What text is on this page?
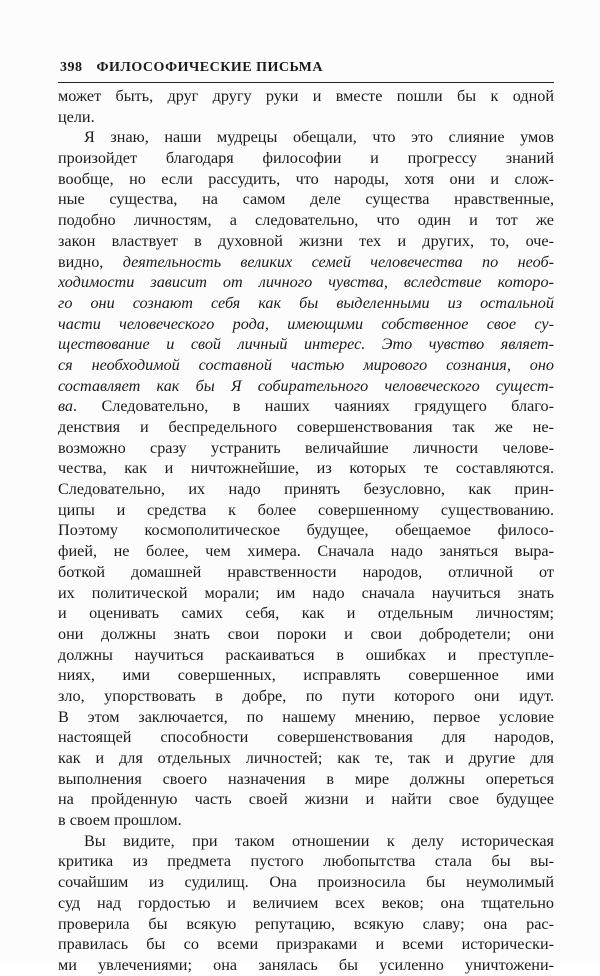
398 ФИЛОСОФИЧЕСКИЕ ПИСЬМА
может быть, друг другу руки и вместе пошли бы к одной
цели.
Я знаю, наши мудрецы обещали, что это слияние умов
произойдет благодаря философии и прогрессу знаний
вообще, но если рассудить, что народы, хотя они и слож-
ные существа, на самом деле существа нравственные,
подобно личностям, а следовательно, что один и тот же
закон властвует в духовной жизни тех и других, то, оче-
видно, деятельность великих семей человечества по необ-
ходимости зависит от личного чувства, вследствие которо-
го они сознают себя как бы выделенными из остальной
части человеческого рода, имеющими собственное свое су-
ществование и свой личный интерес. Это чувство являет-
ся необходимой составной частью мирового сознания, оно
составляет как бы Я собирательного человеческого сущест-
ва. Следовательно, в наших чаяниях грядущего благо-
денствия и беспредельного совершенствования так же не-
возможно сразу устранить величайшие личности челове-
чества, как и ничтожнейшие, из которых те составляются.
Следовательно, их надо принять безусловно, как прин-
ципы и средства к более совершенному существованию.
Поэтому космополитическое будущее, обещаемое филосо-
фией, не более, чем химера. Сначала надо заняться выра-
боткой домашней нравственности народов, отличной от
их политической морали; им надо сначала научиться знать
и оценивать самих себя, как и отдельным личностям;
они должны знать свои пороки и свои добродетели; они
должны научиться раскаиваться в ошибках и преступле-
ниях, ими совершенных, исправлять совершенное ими
зло, упорствовать в добре, по пути которого они идут.
В этом заключается, по нашему мнению, первое условие
настоящей способности совершенствования для народов,
как и для отдельных личностей; как те, так и другие для
выполнения своего назначения в мире должны опереться
на пройденную часть своей жизни и найти свое будущее
в своем прошлом.
Вы видите, при таком отношении к делу историческая
критика из предмета пустого любопытства стала бы вы-
сочайшим из судилищ. Она произносила бы неумолимый
суд над гордостью и величием всех веков; она тщательно
проверила бы всякую репутацию, всякую славу; она рас-
правилась бы со всеми призраками и всеми исторически-
ми увлечениями; она занялась бы усиленно уничтожени-
